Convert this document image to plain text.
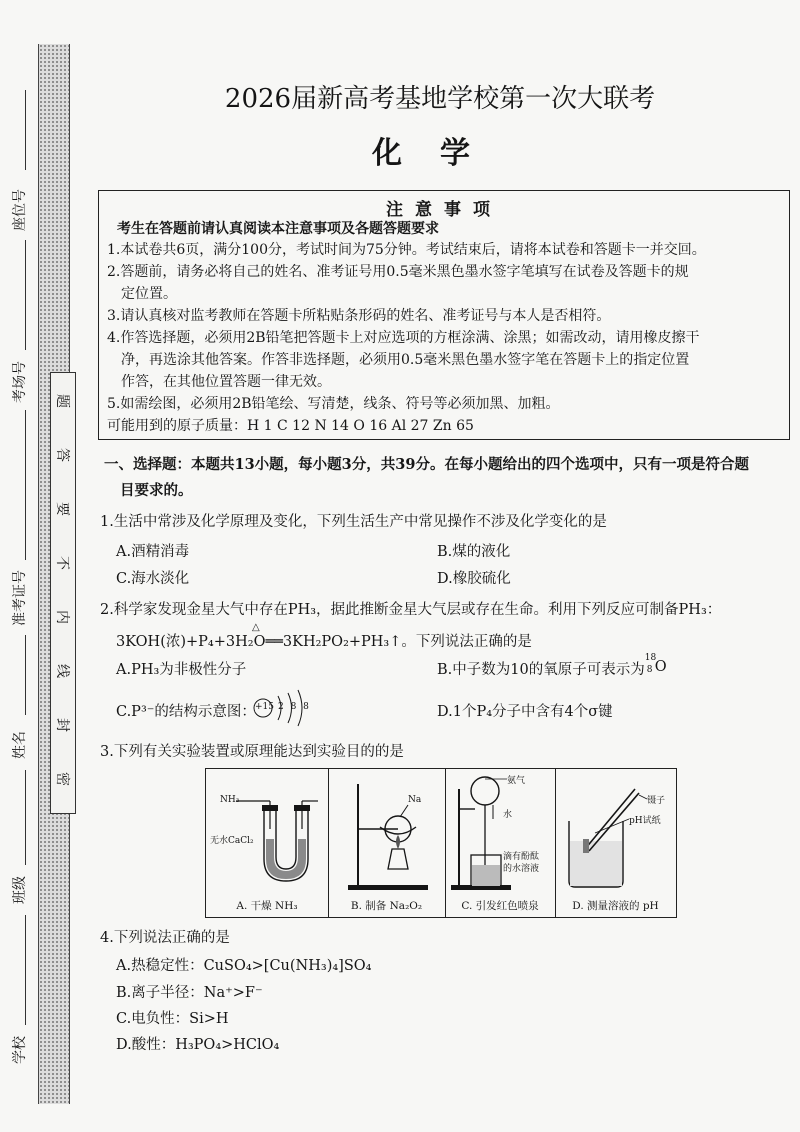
座位号
考场号
准考证号
姓名
班级
学校
题
答
要
不
内
线
封
密
2026届新高考基地学校第一次大联考
化学
注意事项
考生在答题前请认真阅读本注意事项及各题答题要求
1.本试卷共6页，满分100分，考试时间为75分钟。考试结束后，请将本试卷和答题卡一并交回。
2.答题前，请务必将自己的姓名、准考证号用0.5毫米黑色墨水签字笔填写在试卷及答题卡的规
定位置。
3.请认真核对监考教师在答题卡所粘贴条形码的姓名、准考证号与本人是否相符。
4.作答选择题，必须用2B铅笔把答题卡上对应选项的方框涂满、涂黑；如需改动，请用橡皮擦干
净，再选涂其他答案。作答非选择题，必须用0.5毫米黑色墨水签字笔在答题卡上的指定位置
作答，在其他位置答题一律无效。
5.如需绘图，必须用2B铅笔绘、写清楚，线条、符号等必须加黑、加粗。
可能用到的原子质量：H 1 C 12 N 14 O 16 Al 27 Zn 65
一、选择题：本题共13小题，每小题3分，共39分。在每小题给出的四个选项中，只有一项是符合题
目要求的。
1.生活中常涉及化学原理及变化，下列生活生产中常见操作不涉及化学变化的是
A.酒精消毒	B.煤的液化
C.海水淡化	D.橡胶硫化
2.科学家发现金星大气中存在PH₃，据此推断金星大气层或存在生命。利用下列反应可制备PH₃：
3KOH(浓)+P₄+3H₂O══3KH₂PO₂+PH₃↑。下列说法正确的是
△
A.PH₃为非极性分子	B.中子数为10的氧原子可表示为
18
8 O
C.P³⁻的结构示意图： +15 2 8 8	D.1个P₄分子中含有4个σ键
3.下列有关实验装置或原理能达到实验目的的是
NH₃
无水CaCl₂
A. 干燥 NH₃
Na
B. 制备 Na₂O₂
氨气
水
滴有酚酞
的水溶液
C. 引发红色喷泉
镊子
pH试纸
D. 测量溶液的 pH
4.下列说法正确的是
A.热稳定性：CuSO₄>[Cu(NH₃)₄]SO₄
B.离子半径：Na⁺>F⁻
C.电负性：Si>H
D.酸性：H₃PO₄>HClO₄
